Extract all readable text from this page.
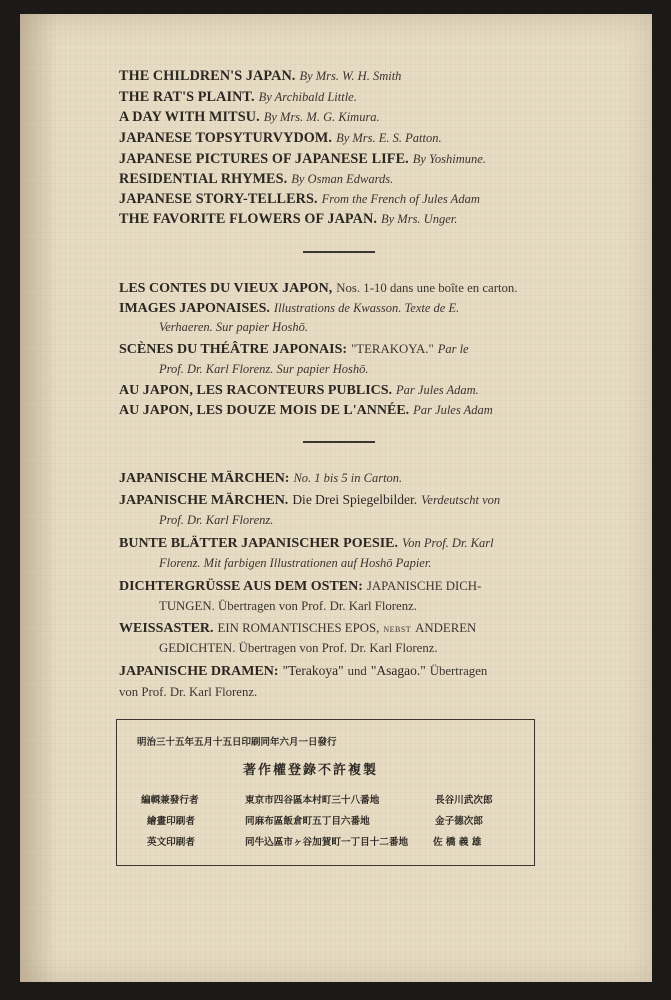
THE CHILDREN'S JAPAN. By Mrs. W. H. Smith
THE RAT'S PLAINT. By Archibald Little.
A DAY WITH MITSU. By Mrs. M. G. Kimura.
JAPANESE TOPSYTURVYDOM. By Mrs. E. S. Patton.
JAPANESE PICTURES OF JAPANESE LIFE. By Yoshimune.
RESIDENTIAL RHYMES. By Osman Edwards.
JAPANESE STORY-TELLERS. From the French of Jules Adam
THE FAVORITE FLOWERS OF JAPAN. By Mrs. Unger.
LES CONTES DU VIEUX JAPON, Nos. 1-10 dans une boîte en carton.
IMAGES JAPONAISES. Illustrations de Kwasson. Texte de E.
Verhaeren. Sur papier Hoshō.
SCÈNES DU THÉÂTRE JAPONAIS: "TERAKOYA." Par le
Prof. Dr. Karl Florenz. Sur papier Hoshō.
AU JAPON, LES RACONTEURS PUBLICS. Par Jules Adam.
AU JAPON, LES DOUZE MOIS DE L'ANNÉE. Par Jules Adam
JAPANISCHE MÄRCHEN: No. 1 bis 5 in Carton.
JAPANISCHE MÄRCHEN. Die Drei Spiegelbilder. Verdeutscht von
Prof. Dr. Karl Florenz.
BUNTE BLÄTTER JAPANISCHER POESIE. Von Prof. Dr. Karl
Florenz. Mit farbigen Illustrationen auf Hoshō Papier.
DICHTERGRÜSSE AUS DEM OSTEN: JAPANISCHE DICH-
TUNGEN. Übertragen von Prof. Dr. Karl Florenz.
WEISSASTER. EIN ROMANTISCHES EPOS, NEBST ANDEREN
GEDICHTEN. Übertragen von Prof. Dr. Karl Florenz.
JAPANISCHE DRAMEN: "Terakoya" und "Asagao." Übertragen
von Prof. Dr. Karl Florenz.
明治三十五年五月十五日印刷同年六月一日發行
著作權登錄不許複製
編輯兼發行者	東京市四谷區本村町三十八番地	長谷川武次郎
繪畫印刷者	同麻布區飯倉町五丁目六番地	金子德次郎
英文印刷者	同牛込區市ヶ谷加賀町一丁目十二番地	佐 橋 義 雄
